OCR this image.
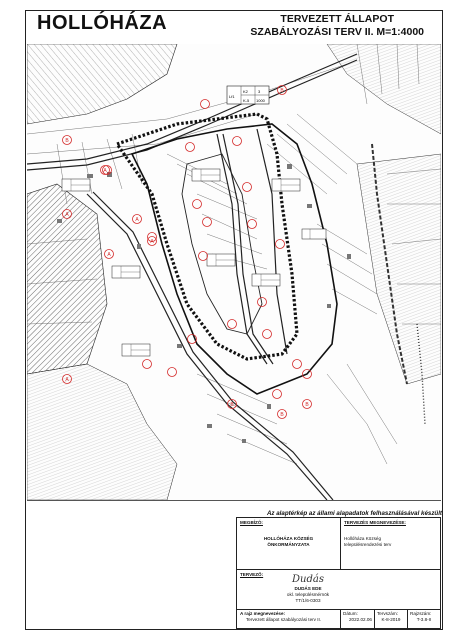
HOLLÓHÁZA	TERVEZETT ÁLLAPOT
SZABÁLYOZÁSI TERV II. M=1:4000
Lf1
K2	3
K-5 1000
B
B
A
A
A
A
A
A
B
B
B
Az alaptérkép az állami alapadatok felhasználásával készült
MEGBÍZÓ:
HOLLÓHÁZA KÖZSÉG
ÖNKORMÁNYZATA
TERVEZÉS MEGNEVEZÉSE:
Hollóháza Község
településrendezési terv
TERVEZŐ:	Dudás
DUDÁS EDE
okl. településmérnök
TT/1/6-0303
A rajz megnevezése:
Tervezett állapot szabályozási terv II.
Dátum:
2022.02.06
Tervszám:
K-8-2019
Rajzszám:
T-3.8-II
